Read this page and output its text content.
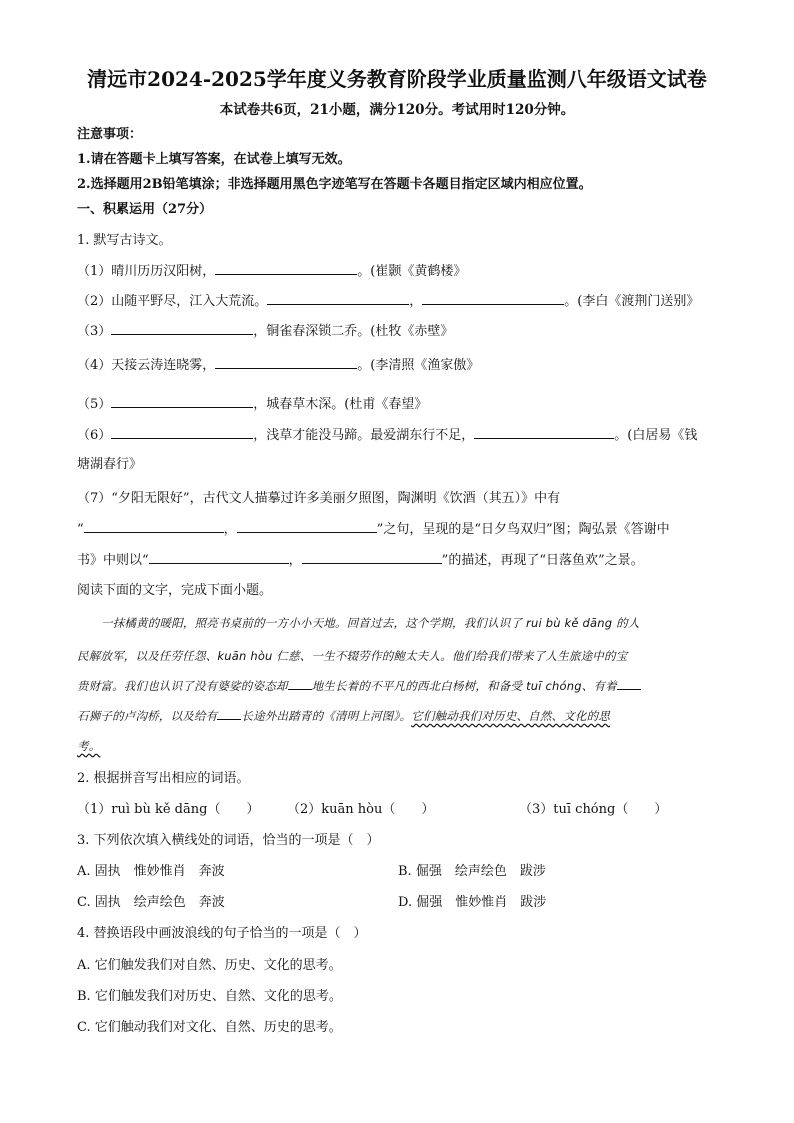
清远市2024-2025学年度义务教育阶段学业质量监测八年级语文试卷
本试卷共6页，21小题，满分120分。考试用时120分钟。
注意事项：
1.请在答题卡上填写答案，在试卷上填写无效。
2.选择题用2B铅笔填涂；非选择题用黑色字迹笔写在答题卡各题目指定区域内相应位置。
一、积累运用（27分）
1. 默写古诗文。
（1）晴川历历汉阳树，	。(崔颢《黄鹤楼》
（2）山随平野尽，江入大荒流。	，	。(李白《渡荆门送别》
（3）	，铜雀春深锁二乔。(杜牧《赤壁》
（4）天接云涛连晓雾，	。(李清照《渔家傲》
（5）	，城春草木深。(杜甫《春望》
（6）	，浅草才能没马蹄。最爱湖东行不足，	。(白居易《钱
塘湖春行》
（7）“夕阳无限好”，古代文人描摹过许多美丽夕照图，陶渊明《饮酒（其五）》中有
“	，	”之句，呈现的是“日夕鸟双归”图；陶弘景《答谢中
书》中则以“	，	”的描述，再现了“日落鱼欢”之景。
阅读下面的文字，完成下面小题。
一抹橘黄的暖阳，照亮书桌前的一方小小天地。回首过去，这个学期，我们认识了 rui bù kě dāng 的人
民解放军，以及任劳任怨、kuān hòu 仁慈、一生不辍劳作的鲍太夫人。他们给我们带来了人生旅途中的宝
贵财富。我们也认识了没有婆娑的姿态却 地生长着的不平凡的西北白杨树，和备受 tuī chóng、有着
石狮子的卢沟桥，以及给有 长途外出踏青的《清明上河图》。它们触动我们对历史、自然、文化的思
考。
2. 根据拼音写出相应的词语。
（1）ruì bù kě dāng（　　） （2）kuān hòu（　　）	（3）tuī chóng（　　）
3. 下列依次填入横线处的词语，恰当的一项是（　）
A. 固执　惟妙惟肖　奔波	B. 倔强　绘声绘色　跋涉
C. 固执　绘声绘色　奔波	D. 倔强　惟妙惟肖　跋涉
4. 替换语段中画波浪线的句子恰当的一项是（　）
A. 它们触发我们对自然、历史、文化的思考。
B. 它们触发我们对历史、自然、文化的思考。
C. 它们触动我们对文化、自然、历史的思考。
